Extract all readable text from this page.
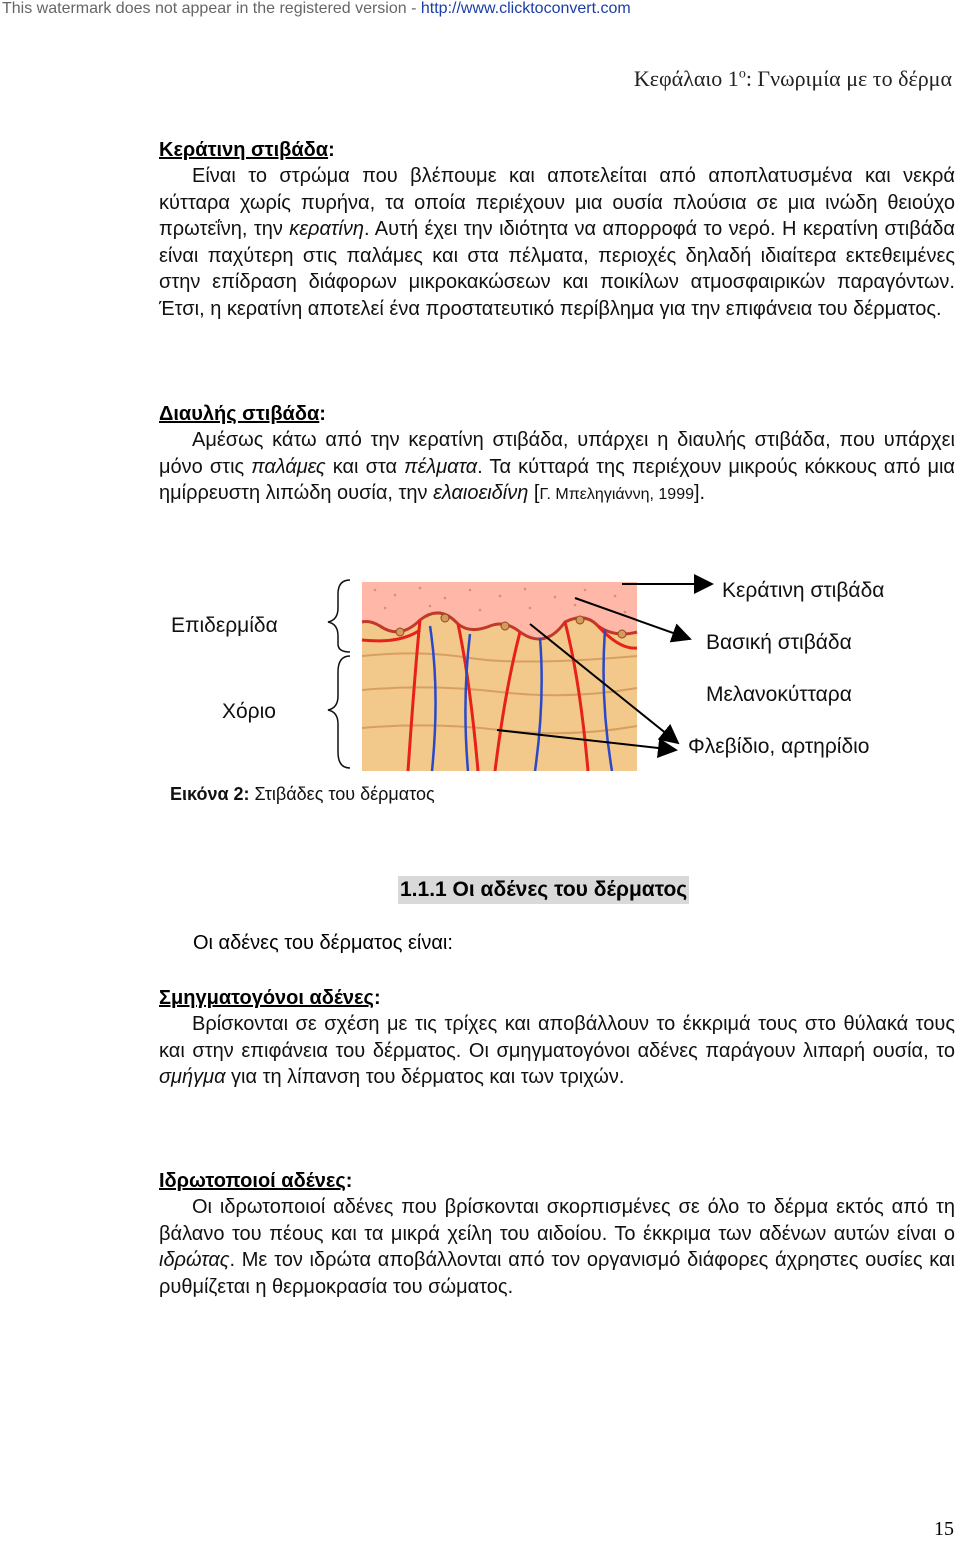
This watermark does not appear in the registered version - http://www.clicktoconvert.com
Κεφάλαιο $1^o$: Γνωριμία με το δέρμα

Κεράτινη στιβάδα:

Είναι το στρώμα που βλέπουμε και αποτελείται από αποπλατυσμένα και νεκρά κύτταρα χωρίς πυρήνα, τα οποία περιέχουν μια ουσία πλούσια σε μια ινώδη θειούχο πρωτεΐνη, την κερατίνη. Αυτή έχει την ιδιότητα να απορροφά το νερό. Η κερατίνη στιβάδα είναι παχύτερη στις παλάμες και στα πέλματα, περιοχές δηλαδή ιδιαίτερα εκτεθειμένες στην επίδραση διάφορων μικροκακώσεων και ποικίλων ατμοσφαιρικών παραγόντων. Έτσι, η κερατίνη αποτελεί ένα προστατευτικό περίβλημα για την επιφάνεια του δέρματος.

Διαυλής στιβάδα:

Αμέσως κάτω από την κερατίνη στιβάδα, υπάρχει η διαυλής στιβάδα, που υπάρχει μόνο στις παλάμες και στα πέλματα. Τα κύτταρά της περιέχουν μικρούς κόκκους από μια ημίρρευστη λιπώδη ουσία, την ελαιοειδίνη [Γ. Μπεληγιάννη, 1999].

Επιδερμίδα
Χόριο
Κεράτινη στιβάδα
Βασική στιβάδα
Μελανοκύτταρα
Φλεβίδιο, αρτηρίδιο
Εικόνα 2: Στιβάδες του δέρματος
1.1.1 Οι αδένες του δέρματος
Οι αδένες του δέρματος είναι:

Σμηγματογόνοι αδένες:

Βρίσκονται σε σχέση με τις τρίχες και αποβάλλουν το έκκριμά τους στο θύλακά τους και στην επιφάνεια του δέρματος. Οι σμηγματογόνοι αδένες παράγουν λιπαρή ουσία, το σμήγμα για τη λίπανση του δέρματος και των τριχών.

Ιδρωτοποιοί αδένες:

Οι ιδρωτοποιοί αδένες που βρίσκονται σκορπισμένες σε όλο το δέρμα εκτός από τη βάλανο του πέους και τα μικρά χείλη του αιδοίου. Το έκκριμα των αδένων αυτών είναι ο ιδρώτας. Με τον ιδρώτα αποβάλλονται από τον οργανισμό διάφορες άχρηστες ουσίες και ρυθμίζεται η θερμοκρασία του σώματος.

15
